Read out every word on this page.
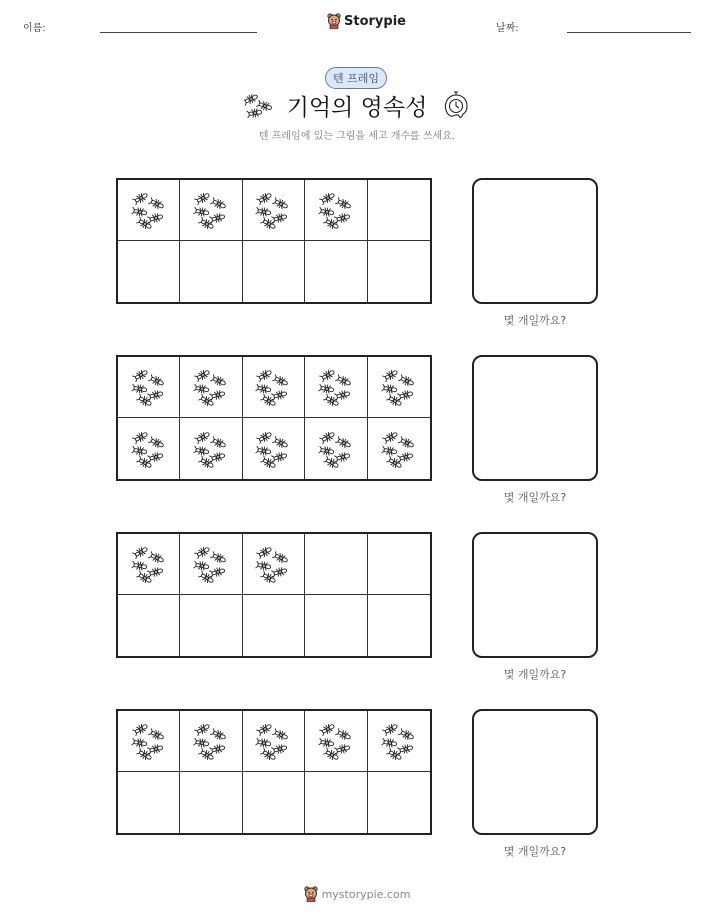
이름:	Storypie	날짜:
텐 프레임
기억의 영속성
텐 프레임에 있는 그림을 세고 개수를 쓰세요.
몇 개일까요?
몇 개일까요?
몇 개일까요?
몇 개일까요?
mystorypie.com
